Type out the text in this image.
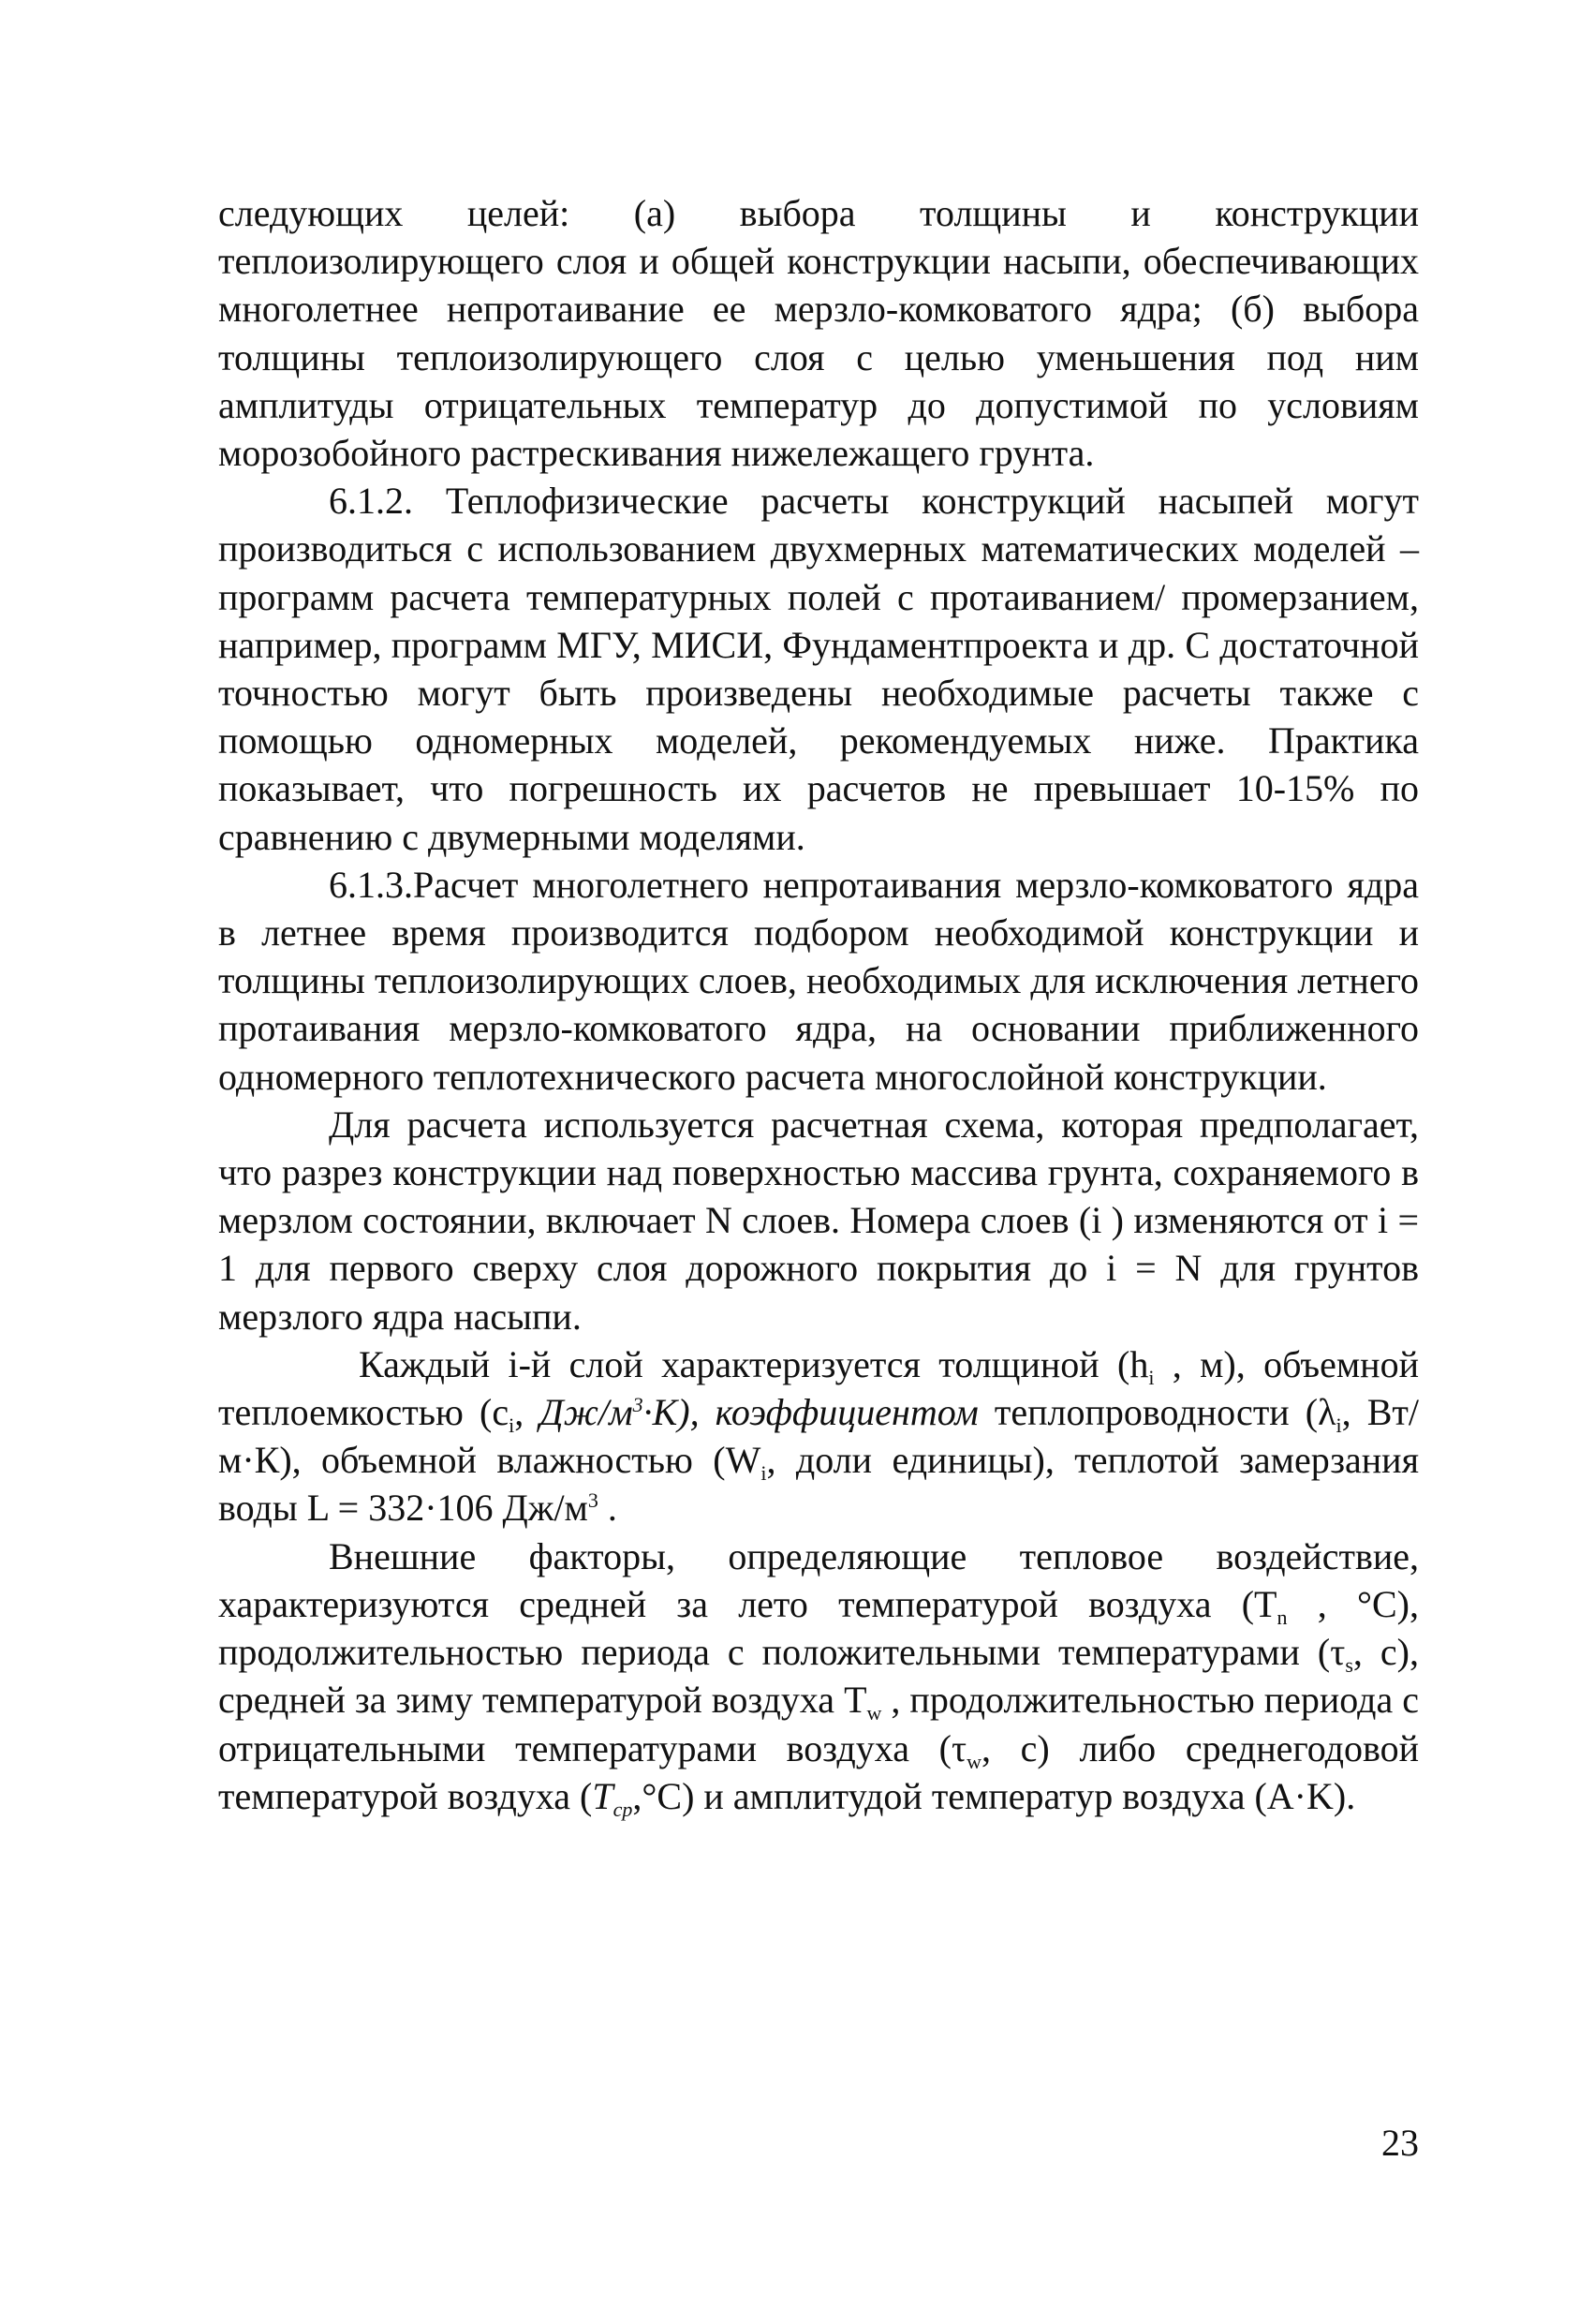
следующих целей: (а) выбора толщины и конструкции теплоизолирующего слоя и общей конструкции насыпи, обеспечивающих многолетнее непротаивание ее мерзло-комковатого ядра; (б) выбора толщины теплоизолирующего слоя с целью уменьшения под ним амплитуды отрицательных температур до допустимой по условиям морозобойного растрескивания нижележащего грунта.

6.1.2. Теплофизические расчеты конструкций насыпей могут производиться с использованием двухмерных математических моделей – программ расчета температурных полей с протаиванием/ промерзанием, например, программ МГУ, МИСИ, Фундаментпроекта и др. С достаточной точностью могут быть произведены необходимые расчеты также с помощью одномерных моделей, рекомендуемых ниже. Практика показывает, что погрешность их расчетов не превышает 10-15% по сравнению с двумерными моделями.

6.1.3.Расчет многолетнего непротаивания мерзло-комковатого ядра в летнее время производится подбором необходимой конструкции и толщины теплоизолирующих слоев, необходимых для исключения летнего протаивания мерзло-комковатого ядра, на основании приближенного одномерного теплотехнического расчета многослойной конструкции.

Для расчета используется расчетная схема, которая предполагает, что разрез конструкции над поверхностью массива грунта, сохраняемого в мерзлом состоянии, включает N слоев. Номера слоев (i ) изменяются от i = 1 для первого сверху слоя дорожного покрытия до i = N для грунтов мерзлого ядра насыпи.

Каждый i-й слой характеризуется толщиной ($h_i$ , м), объемной теплоемкостью ($c_i$, $Дж/м^3\cdot K$), коэффициентом теплопроводности ($\lambda_i$, Вт/м·К), объемной влажностью ($W_i$, доли единицы), теплотой замерзания воды L = 332·106 $Дж/м^3$ .

Внешние факторы, определяющие тепловое воздействие, характеризуются средней за лето температурой воздуха ($T_n$ , °C), продолжительностью периода с положительными температурами ($\tau_s$, с), средней за зиму температурой воздуха $T_w$ , продолжительностью периода с отрицательными температурами воздуха ($\tau_w$, с) либо среднегодовой температурой воздуха $(T_{cp},^\circ C)$ и амплитудой температур воздуха (A·K).

23
